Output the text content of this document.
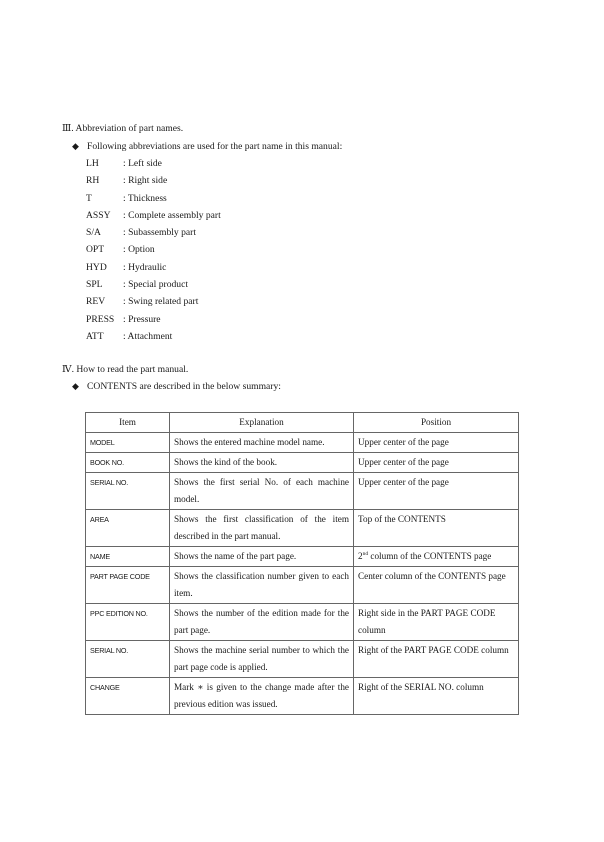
Ⅲ. Abbreviation of part names.
◆ Following abbreviations are used for the part name in this manual:
LH	: Left side
RH : Right side
T	: Thickness
ASSY : Complete assembly part
S/A : Subassembly part
OPT : Option
HYD : Hydraulic
SPL : Special product
REV : Swing related part
PRESS : Pressure
ATT : Attachment
Ⅳ. How to read the part manual.
◆ CONTENTS are described in the below summary:
Item	Explanation	Position
MODEL	Shows the entered machine model name.	Upper center of the page
BOOK NO.	Shows the kind of the book.	Upper center of the page
SERIAL NO.	Shows the first serial No. of each machine model.	Upper center of the page
AREA	Shows the first classification of the item described in the part manual.	Top of the CONTENTS
NAME	Shows the name of the part page.	2nd column of the CONTENTS page
PART PAGE CODE	Shows the classification number given to each item.	Center column of the CONTENTS page
PPC EDITION NO.	Shows the number of the edition made for the part page.	Right side in the PART PAGE CODE column
SERIAL NO.	Shows the machine serial number to which the part page code is applied.	Right of the PART PAGE CODE column
CHANGE	Mark ∗ is given to the change made after the previous edition was issued.	Right of the SERIAL NO. column
